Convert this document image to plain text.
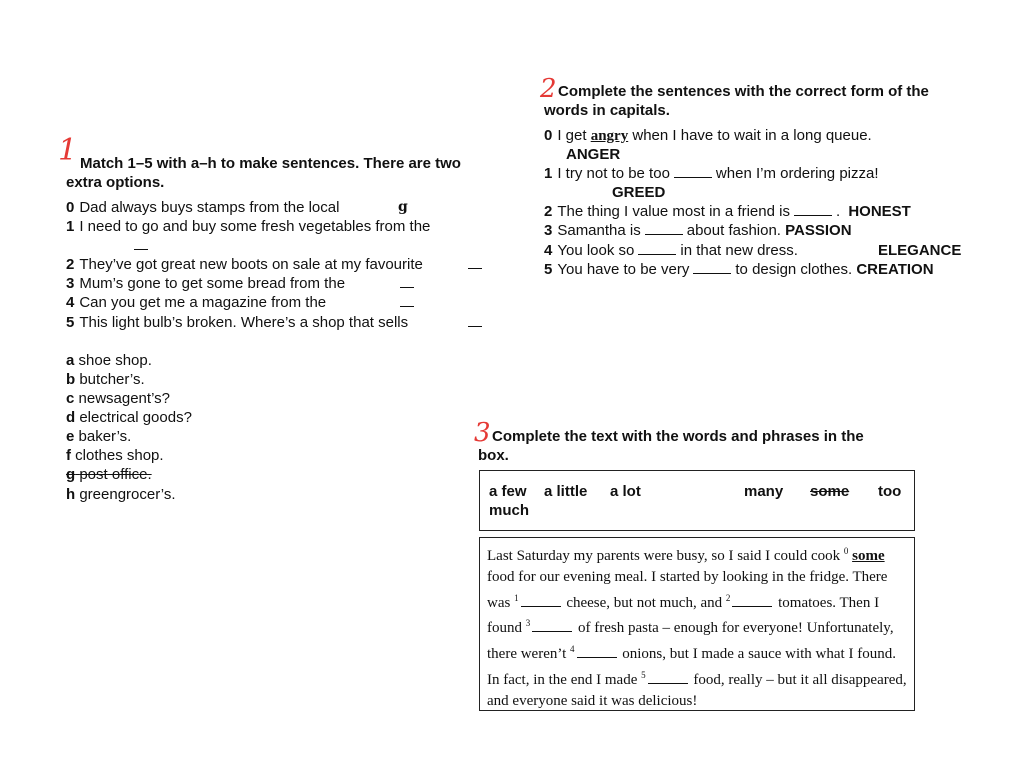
1 Match 1–5 with a–h to make sentences. There are two
extra options.
0 Dad always buys stamps from the local	g
1 I need to go and buy some fresh vegetables from the
2 They’ve got great new boots on sale at my favourite
3 Mum’s gone to get some bread from the
4 Can you get me a magazine from the
5 This light bulb’s broken. Where’s a shop that sells
a shoe shop.
b butcher’s.
c newsagent’s?
d electrical goods?
e baker’s.
f clothes shop.
g post office.
h greengrocer’s.
2 Complete the sentences with the correct form of the
words in capitals.
0 I get angry when I have to wait in a long queue.
ANGER
1 I try not to be too	when I’m ordering pizza!
GREED
2 The thing I value most in a friend is	. HONEST
3 Samantha is	about fashion. PASSION
4 You look so	in that new dress.	ELEGANCE
5 You have to be very	to design clothes. CREATION
3 Complete the text with the words and phrases in the
box.
a few a little a lot	many some too
much

Last Saturday my parents were busy, so I said I could cook $^0$ some food for our evening meal. I started by looking in the fridge. There was $^1$	cheese, but not much, and $^2$	tomatoes. Then I found $^3$	of fresh pasta – enough for everyone! Unfortunately, there weren’t $^4$	onions, but I made a sauce with what I found. In fact, in the end I made $^5$	food, really – but it all disappeared, and everyone said it was delicious!
